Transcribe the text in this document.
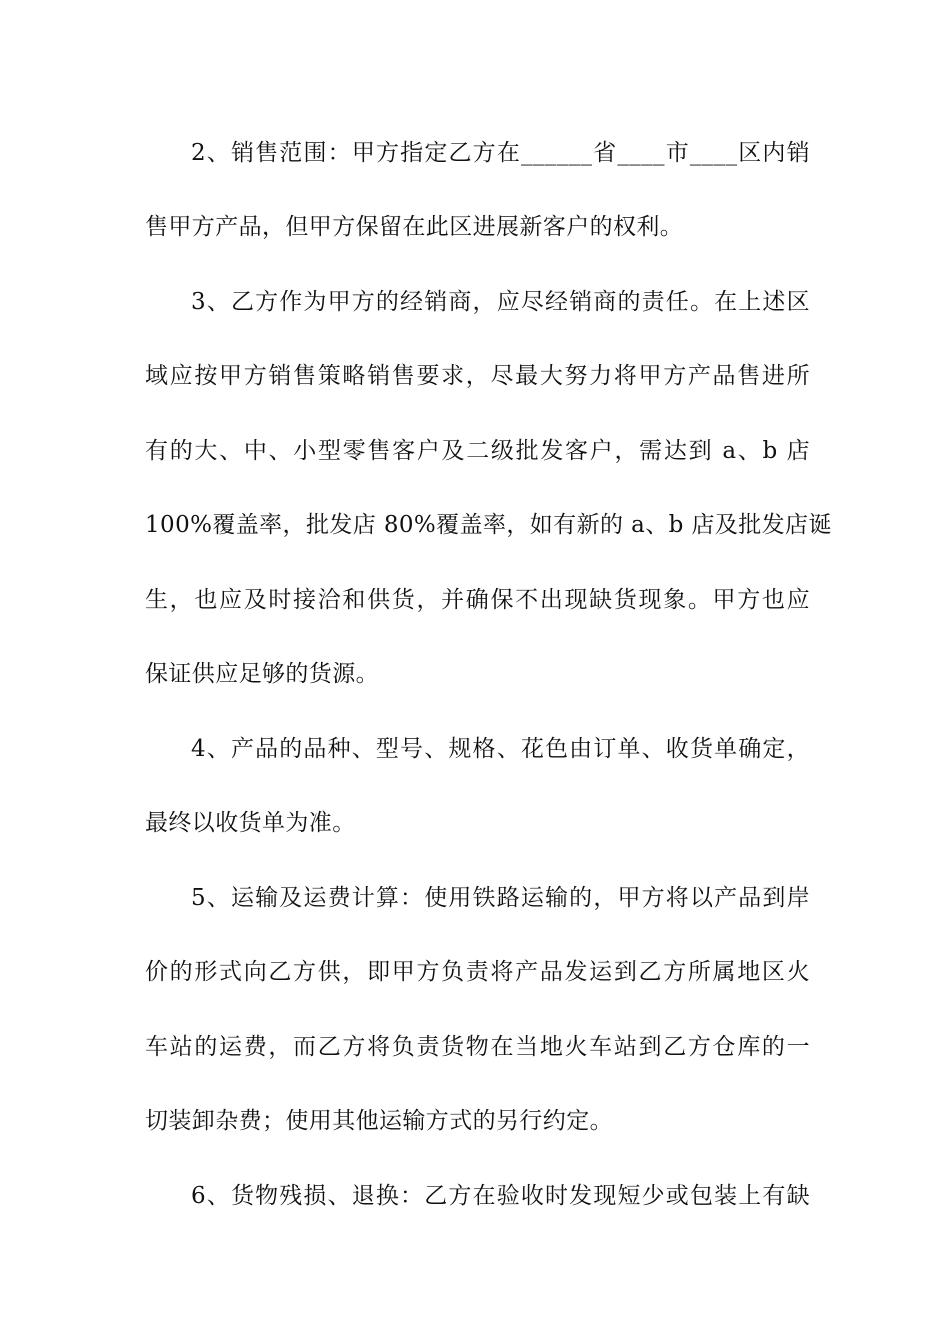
2、销售范围：甲方指定乙方在______省____市____区内销

售甲方产品，但甲方保留在此区进展新客户的权利。

3、乙方作为甲方的经销商，应尽经销商的责任。在上述区

域应按甲方销售策略销售要求，尽最大努力将甲方产品售进所

有的大、中、小型零售客户及二级批发客户，需达到 a、b 店

100%覆盖率，批发店 80%覆盖率，如有新的 a、b 店及批发店诞

生，也应及时接洽和供货，并确保不出现缺货现象。甲方也应

保证供应足够的货源。

4、产品的品种、型号、规格、花色由订单、收货单确定，

最终以收货单为准。

5、运输及运费计算：使用铁路运输的，甲方将以产品到岸

价的形式向乙方供，即甲方负责将产品发运到乙方所属地区火

车站的运费，而乙方将负责货物在当地火车站到乙方仓库的一

切装卸杂费；使用其他运输方式的另行约定。

6、货物残损、退换：乙方在验收时发现短少或包装上有缺
